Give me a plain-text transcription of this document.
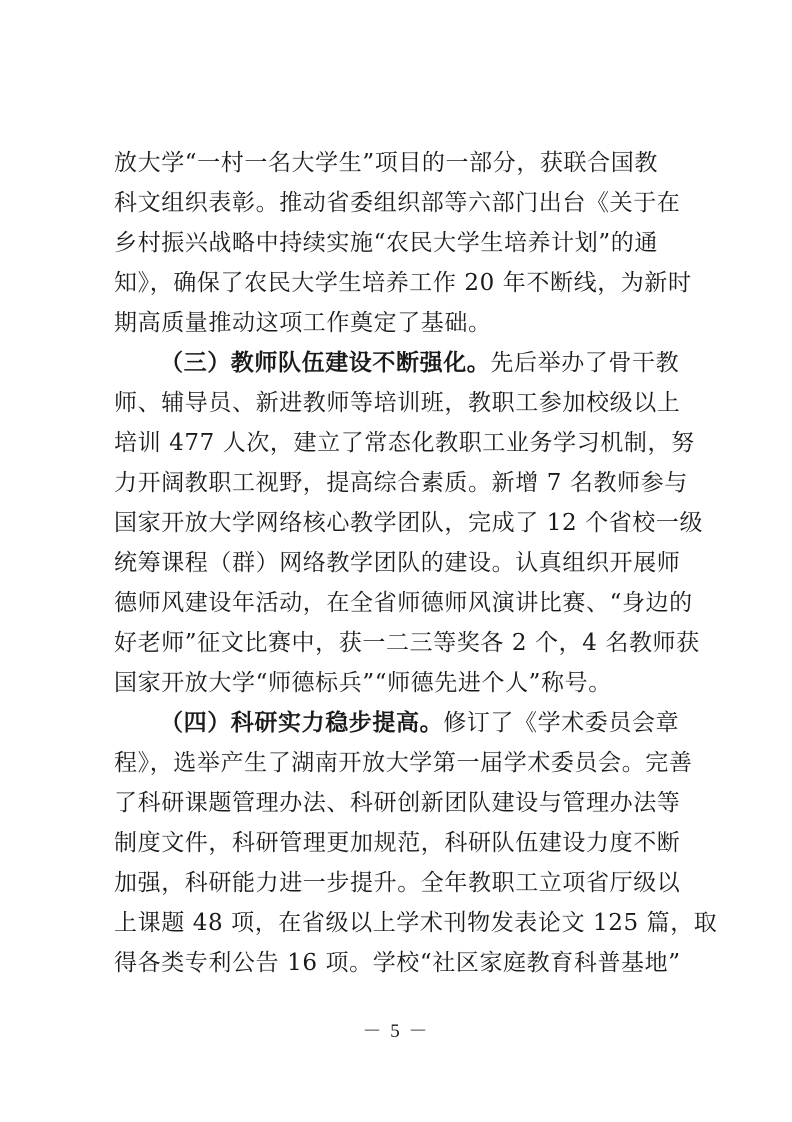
放大学“一村一名大学生”项目的一部分，获联合国教
科文组织表彰。推动省委组织部等六部门出台《关于在
乡村振兴战略中持续实施“农民大学生培养计划”的通
知》，确保了农民大学生培养工作 20 年不断线，为新时
期高质量推动这项工作奠定了基础。
（三）教师队伍建设不断强化。先后举办了骨干教
师、辅导员、新进教师等培训班，教职工参加校级以上
培训 477 人次，建立了常态化教职工业务学习机制，努
力开阔教职工视野，提高综合素质。新增 7 名教师参与
国家开放大学网络核心教学团队，完成了 12 个省校一级
统筹课程（群）网络教学团队的建设。认真组织开展师
德师风建设年活动，在全省师德师风演讲比赛、“身边的
好老师”征文比赛中，获一二三等奖各 2 个，4 名教师获
国家开放大学“师德标兵”“师德先进个人”称号。
（四）科研实力稳步提高。修订了《学术委员会章
程》，选举产生了湖南开放大学第一届学术委员会。完善
了科研课题管理办法、科研创新团队建设与管理办法等
制度文件，科研管理更加规范，科研队伍建设力度不断
加强，科研能力进一步提升。全年教职工立项省厅级以
上课题 48 项，在省级以上学术刊物发表论文 125 篇，取
得各类专利公告 16 项。学校“社区家庭教育科普基地”
－ 5 －
